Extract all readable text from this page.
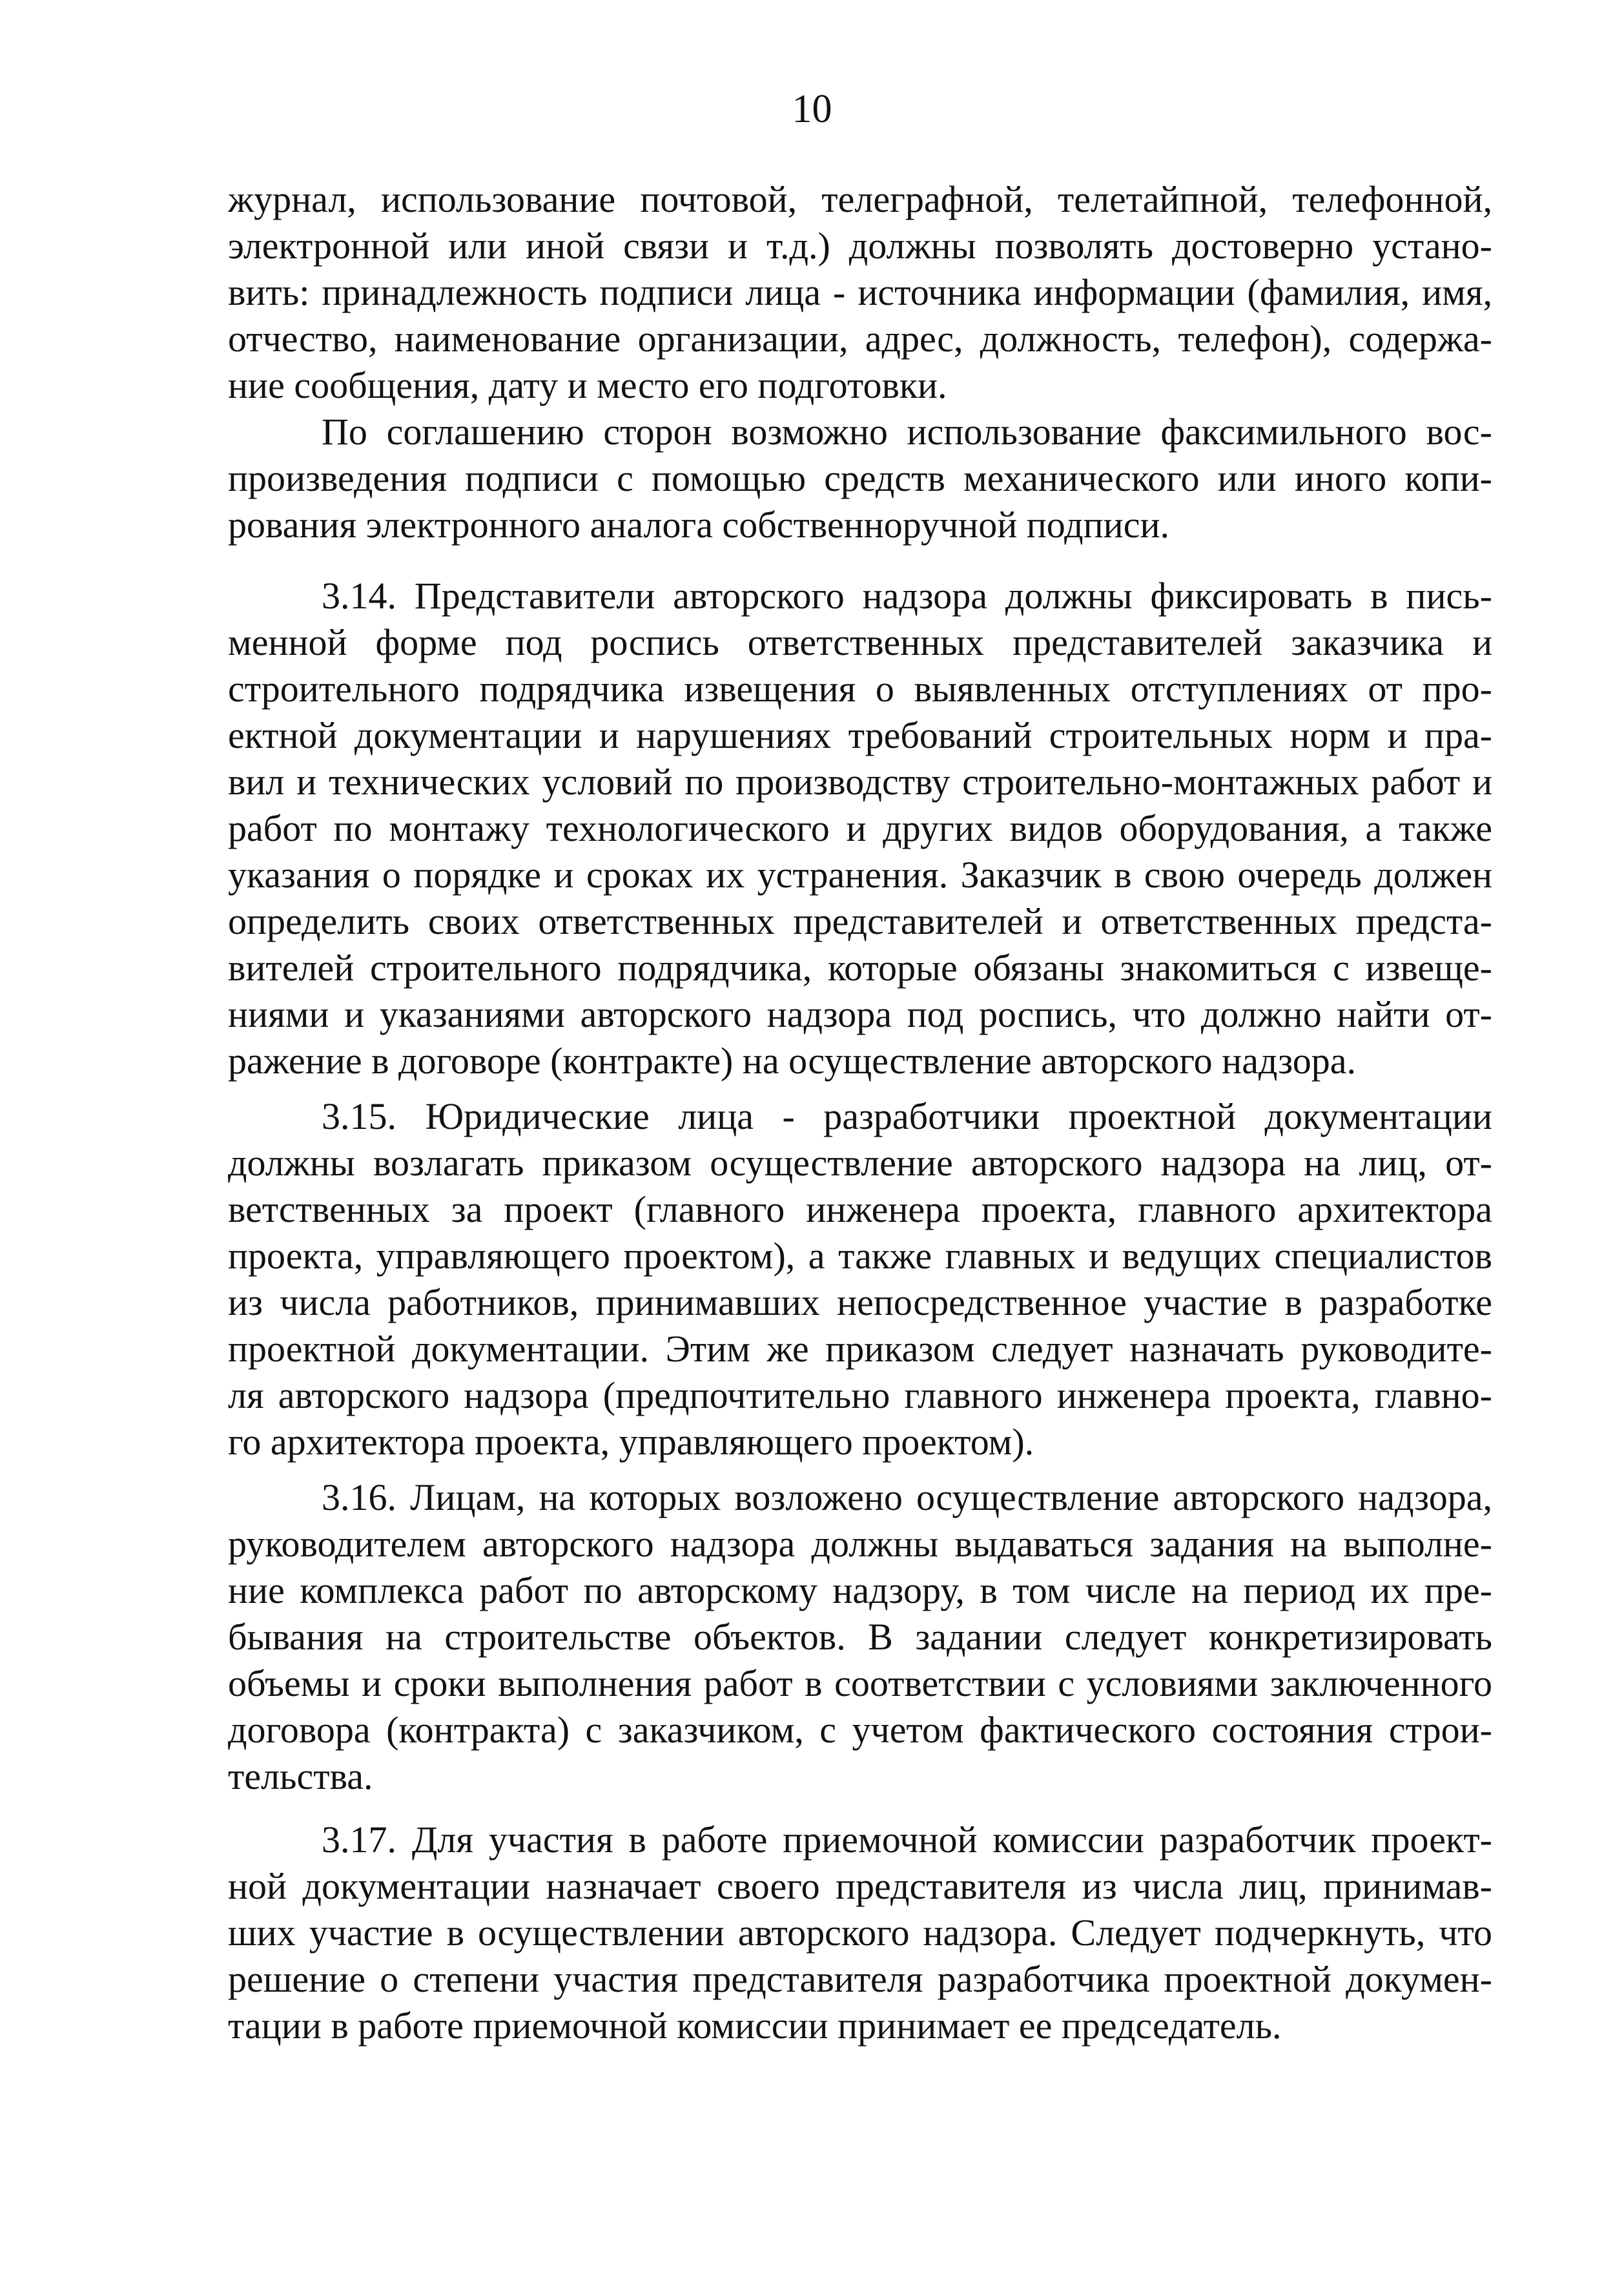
10
журнал, использование почтовой, телеграфной, телетайпной, телефонной,
электронной или иной связи и т.д.) должны позволять достоверно устано-
вить: принадлежность подписи лица - источника информации (фамилия, имя,
отчество, наименование организации, адрес, должность, телефон), содержа-
ние сообщения, дату и место его подготовки.
По соглашению сторон возможно использование факсимильного вос-
произведения подписи с помощью средств механического или иного копи-
рования электронного аналога собственноручной подписи.
3.14. Представители авторского надзора должны фиксировать в пись-
менной форме под роспись ответственных представителей заказчика и
строительного подрядчика извещения о выявленных отступлениях от про-
ектной документации и нарушениях требований строительных норм и пра-
вил и технических условий по производству строительно-монтажных работ и
работ по монтажу технологического и других видов оборудования, а также
указания о порядке и сроках их устранения. Заказчик в свою очередь должен
определить своих ответственных представителей и ответственных предста-
вителей строительного подрядчика, которые обязаны знакомиться с извеще-
ниями и указаниями авторского надзора под роспись, что должно найти от-
ражение в договоре (контракте) на осуществление авторского надзора.
3.15. Юридические лица - разработчики проектной документации
должны возлагать приказом осуществление авторского надзора на лиц, от-
ветственных за проект (главного инженера проекта, главного архитектора
проекта, управляющего проектом), а также главных и ведущих специалистов
из числа работников, принимавших непосредственное участие в разработке
проектной документации. Этим же приказом следует назначать руководите-
ля авторского надзора (предпочтительно главного инженера проекта, главно-
го архитектора проекта, управляющего проектом).
3.16. Лицам, на которых возложено осуществление авторского надзора,
руководителем авторского надзора должны выдаваться задания на выполне-
ние комплекса работ по авторскому надзору, в том числе на период их пре-
бывания на строительстве объектов. В задании следует конкретизировать
объемы и сроки выполнения работ в соответствии с условиями заключенного
договора (контракта) с заказчиком, с учетом фактического состояния строи-
тельства.
3.17. Для участия в работе приемочной комиссии разработчик проект-
ной документации назначает своего представителя из числа лиц, принимав-
ших участие в осуществлении авторского надзора. Следует подчеркнуть, что
решение о степени участия представителя разработчика проектной докумен-
тации в работе приемочной комиссии принимает ее председатель.
